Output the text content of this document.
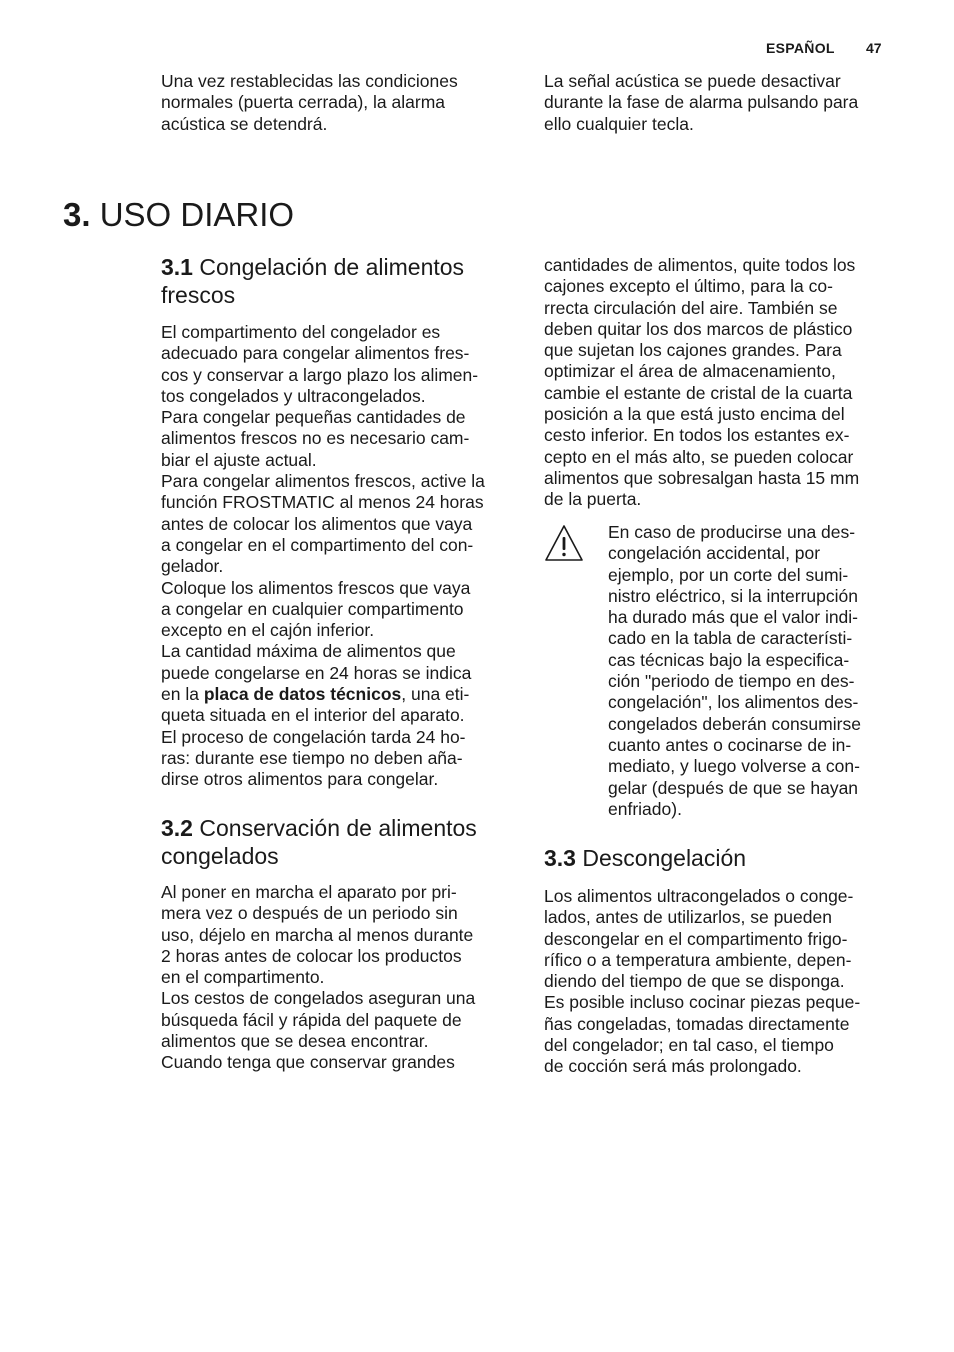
ESPAÑOL 47
Una vez restablecidas las condiciones
normales (puerta cerrada), la alarma
acústica se detendrá.
La señal acústica se puede desactivar
durante la fase de alarma pulsando para
ello cualquier tecla.
3. USO DIARIO
3.1 Congelación de alimentos
frescos
El compartimento del congelador es
adecuado para congelar alimentos fres-
cos y conservar a largo plazo los alimen-
tos congelados y ultracongelados.
Para congelar pequeñas cantidades de
alimentos frescos no es necesario cam-
biar el ajuste actual.
Para congelar alimentos frescos, active la
función FROSTMATIC al menos 24 horas
antes de colocar los alimentos que vaya
a congelar en el compartimento del con-
gelador.
Coloque los alimentos frescos que vaya
a congelar en cualquier compartimento
excepto en el cajón inferior.
La cantidad máxima de alimentos que
puede congelarse en 24 horas se indica
en la placa de datos técnicos, una eti-
queta situada en el interior del aparato.
El proceso de congelación tarda 24 ho-
ras: durante ese tiempo no deben aña-
dirse otros alimentos para congelar.
3.2 Conservación de alimentos
congelados
Al poner en marcha el aparato por pri-
mera vez o después de un periodo sin
uso, déjelo en marcha al menos durante
2 horas antes de colocar los productos
en el compartimento.
Los cestos de congelados aseguran una
búsqueda fácil y rápida del paquete de
alimentos que se desea encontrar.
Cuando tenga que conservar grandes
cantidades de alimentos, quite todos los
cajones excepto el último, para la co-
rrecta circulación del aire. También se
deben quitar los dos marcos de plástico
que sujetan los cajones grandes. Para
optimizar el área de almacenamiento,
cambie el estante de cristal de la cuarta
posición a la que está justo encima del
cesto inferior. En todos los estantes ex-
cepto en el más alto, se pueden colocar
alimentos que sobresalgan hasta 15 mm
de la puerta.
En caso de producirse una des-
congelación accidental, por
ejemplo, por un corte del sumi-
nistro eléctrico, si la interrupción
ha durado más que el valor indi-
cado en la tabla de característi-
cas técnicas bajo la especifica-
ción "periodo de tiempo en des-
congelación", los alimentos des-
congelados deberán consumirse
cuanto antes o cocinarse de in-
mediato, y luego volverse a con-
gelar (después de que se hayan
enfriado).
3.3 Descongelación
Los alimentos ultracongelados o conge-
lados, antes de utilizarlos, se pueden
descongelar en el compartimento frigo-
rífico o a temperatura ambiente, depen-
diendo del tiempo de que se disponga.
Es posible incluso cocinar piezas peque-
ñas congeladas, tomadas directamente
del congelador; en tal caso, el tiempo
de cocción será más prolongado.
